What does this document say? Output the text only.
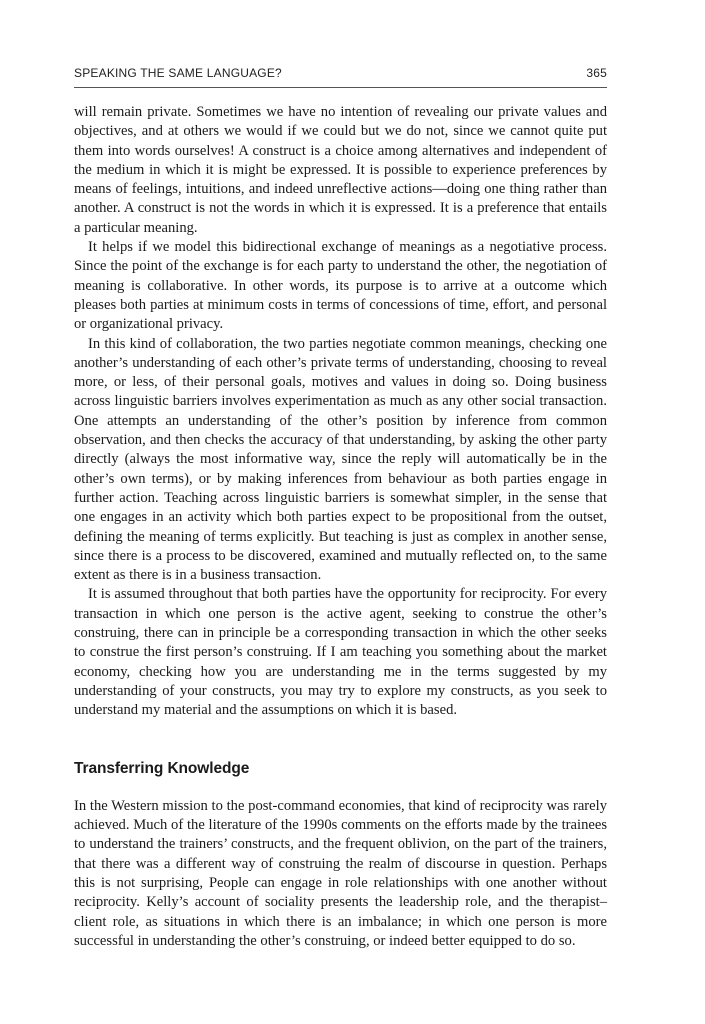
SPEAKING THE SAME LANGUAGE?	365

will remain private. Sometimes we have no intention of revealing our private values and objectives, and at others we would if we could but we do not, since we cannot quite put them into words ourselves! A construct is a choice among alternatives and independent of the medium in which it is might be expressed. It is possible to experience preferences by means of feelings, intuitions, and indeed unreflective actions—doing one thing rather than another. A construct is not the words in which it is expressed. It is a preference that entails a particular meaning.

It helps if we model this bidirectional exchange of meanings as a negotiative process. Since the point of the exchange is for each party to understand the other, the negotiation of meaning is collaborative. In other words, its purpose is to arrive at a outcome which pleases both parties at minimum costs in terms of concessions of time, effort, and personal or organizational privacy.

In this kind of collaboration, the two parties negotiate common meanings, checking one another’s understanding of each other’s private terms of understanding, choosing to reveal more, or less, of their personal goals, motives and values in doing so. Doing business across linguistic barriers involves experimentation as much as any other social transaction. One attempts an understanding of the other’s position by inference from common observation, and then checks the accuracy of that understanding, by asking the other party directly (always the most informative way, since the reply will automatically be in the other’s own terms), or by making inferences from behaviour as both parties engage in further action. Teaching across linguistic barriers is somewhat simpler, in the sense that one engages in an activity which both parties expect to be propositional from the outset, defining the meaning of terms explicitly. But teaching is just as complex in another sense, since there is a process to be discovered, examined and mutually reflected on, to the same extent as there is in a business transaction.

It is assumed throughout that both parties have the opportunity for reciprocity. For every transaction in which one person is the active agent, seeking to construe the other’s construing, there can in principle be a corresponding transaction in which the other seeks to construe the first person’s construing. If I am teaching you something about the market economy, checking how you are understanding me in the terms suggested by my understanding of your constructs, you may try to explore my constructs, as you seek to understand my material and the assumptions on which it is based.

Transferring Knowledge

In the Western mission to the post-command economies, that kind of reciprocity was rarely achieved. Much of the literature of the 1990s comments on the efforts made by the trainees to understand the trainers’ constructs, and the frequent oblivion, on the part of the trainers, that there was a different way of construing the realm of discourse in question. Perhaps this is not surprising, People can engage in role relationships with one another without reciprocity. Kelly’s account of sociality presents the leadership role, and the therapist–client role, as situations in which there is an imbalance; in which one person is more successful in understanding the other’s construing, or indeed better equipped to do so.
